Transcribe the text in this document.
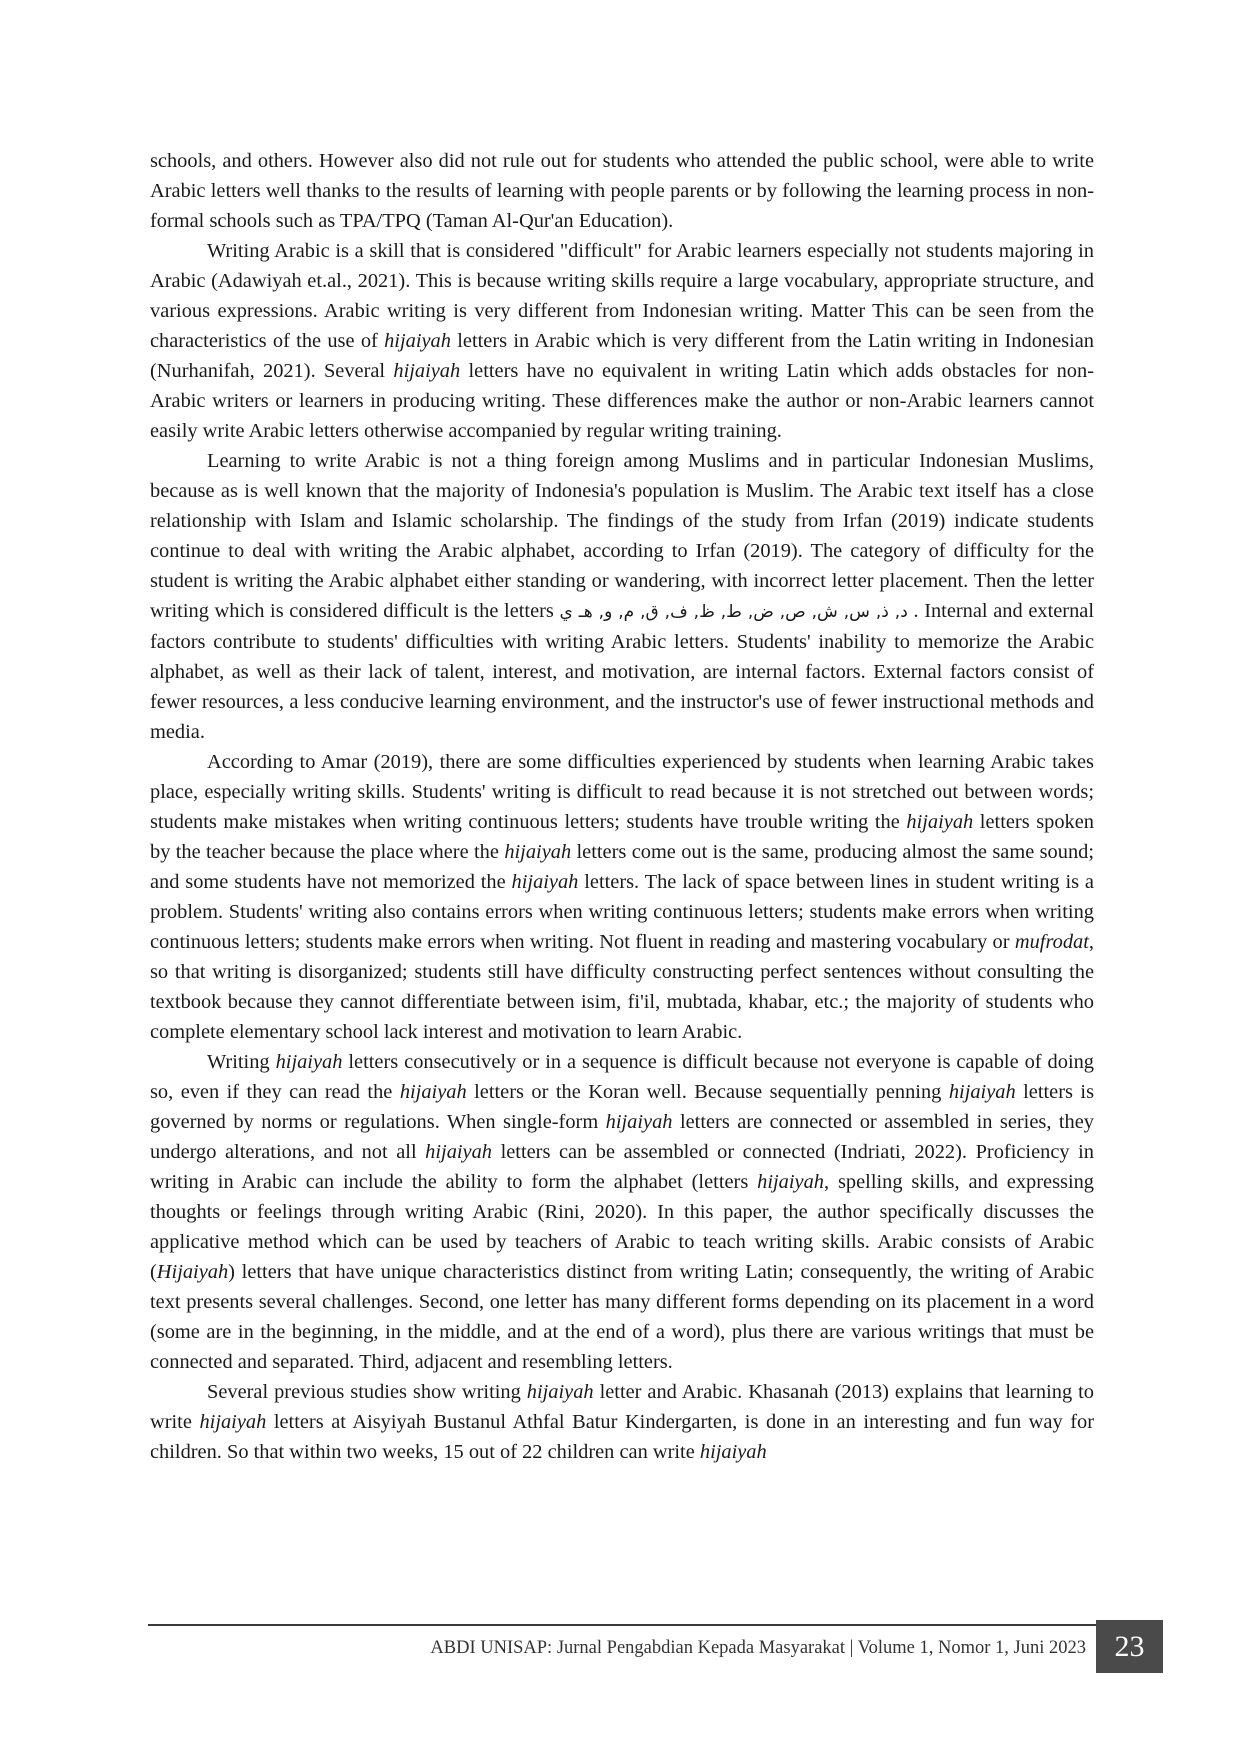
schools, and others. However also did not rule out for students who attended the public school, were able to write Arabic letters well thanks to the results of learning with people parents or by following the learning process in non-formal schools such as TPA/TPQ (Taman Al-Qur'an Education).

Writing Arabic is a skill that is considered "difficult" for Arabic learners especially not students majoring in Arabic (Adawiyah et.al., 2021). This is because writing skills require a large vocabulary, appropriate structure, and various expressions. Arabic writing is very different from Indonesian writing. Matter This can be seen from the characteristics of the use of hijaiyah letters in Arabic which is very different from the Latin writing in Indonesian (Nurhanifah, 2021). Several hijaiyah letters have no equivalent in writing Latin which adds obstacles for non-Arabic writers or learners in producing writing. These differences make the author or non-Arabic learners cannot easily write Arabic letters otherwise accompanied by regular writing training.

Learning to write Arabic is not a thing foreign among Muslims and in particular Indonesian Muslims, because as is well known that the majority of Indonesia's population is Muslim. The Arabic text itself has a close relationship with Islam and Islamic scholarship. The findings of the study from Irfan (2019) indicate students continue to deal with writing the Arabic alphabet, according to Irfan (2019). The category of difficulty for the student is writing the Arabic alphabet either standing or wandering, with incorrect letter placement. Then the letter writing which is considered difficult is the letters د, ذ, س, ش, ص, ض, ط, ظ, ف, ق, م, و, هـ ي . Internal and external factors contribute to students' difficulties with writing Arabic letters. Students' inability to memorize the Arabic alphabet, as well as their lack of talent, interest, and motivation, are internal factors. External factors consist of fewer resources, a less conducive learning environment, and the instructor's use of fewer instructional methods and media.

According to Amar (2019), there are some difficulties experienced by students when learning Arabic takes place, especially writing skills. Students' writing is difficult to read because it is not stretched out between words; students make mistakes when writing continuous letters; students have trouble writing the hijaiyah letters spoken by the teacher because the place where the hijaiyah letters come out is the same, producing almost the same sound; and some students have not memorized the hijaiyah letters. The lack of space between lines in student writing is a problem. Students' writing also contains errors when writing continuous letters; students make errors when writing continuous letters; students make errors when writing. Not fluent in reading and mastering vocabulary or mufrodat, so that writing is disorganized; students still have difficulty constructing perfect sentences without consulting the textbook because they cannot differentiate between isim, fi'il, mubtada, khabar, etc.; the majority of students who complete elementary school lack interest and motivation to learn Arabic.

Writing hijaiyah letters consecutively or in a sequence is difficult because not everyone is capable of doing so, even if they can read the hijaiyah letters or the Koran well. Because sequentially penning hijaiyah letters is governed by norms or regulations. When single-form hijaiyah letters are connected or assembled in series, they undergo alterations, and not all hijaiyah letters can be assembled or connected (Indriati, 2022). Proficiency in writing in Arabic can include the ability to form the alphabet (letters hijaiyah, spelling skills, and expressing thoughts or feelings through writing Arabic (Rini, 2020). In this paper, the author specifically discusses the applicative method which can be used by teachers of Arabic to teach writing skills. Arabic consists of Arabic (Hijaiyah) letters that have unique characteristics distinct from writing Latin; consequently, the writing of Arabic text presents several challenges. Second, one letter has many different forms depending on its placement in a word (some are in the beginning, in the middle, and at the end of a word), plus there are various writings that must be connected and separated. Third, adjacent and resembling letters.

Several previous studies show writing hijaiyah letter and Arabic. Khasanah (2013) explains that learning to write hijaiyah letters at Aisyiyah Bustanul Athfal Batur Kindergarten, is done in an interesting and fun way for children. So that within two weeks, 15 out of 22 children can write hijaiyah

ABDI UNISAP: Jurnal Pengabdian Kepada Masyarakat | Volume 1, Nomor 1, Juni 2023 23
